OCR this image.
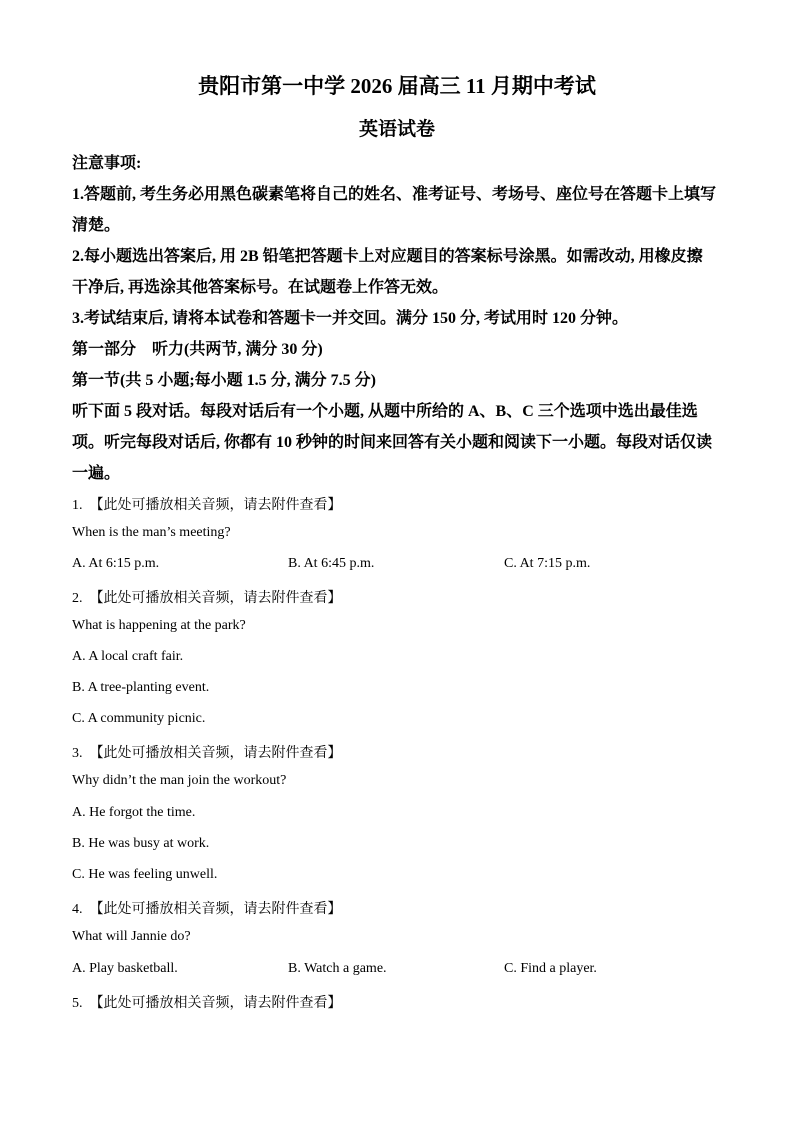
贵阳市第一中学 2026 届高三 11 月期中考试
英语试卷
注意事项:
1.答题前, 考生务必用黑色碳素笔将自己的姓名、准考证号、考场号、座位号在答题卡上填写
清楚。
2.每小题选出答案后, 用 2B 铅笔把答题卡上对应题目的答案标号涂黑。如需改动, 用橡皮擦
干净后, 再选涂其他答案标号。在试题卷上作答无效。
3.考试结束后, 请将本试卷和答题卡一并交回。满分 150 分, 考试用时 120 分钟。
第一部分    听力(共两节, 满分 30 分)
第一节(共 5 小题;每小题 1.5 分, 满分 7.5 分)
听下面 5 段对话。每段对话后有一个小题, 从题中所给的 A、B、C 三个选项中选出最佳选
项。听完每段对话后, 你都有 10 秒钟的时间来回答有关小题和阅读下一小题。每段对话仅读
一遍。
1.  【此处可播放相关音频，请去附件查看】
When is the man’s meeting?
A. At 6:15 p.m.	B. At 6:45 p.m.	C. At 7:15 p.m.
2.  【此处可播放相关音频，请去附件查看】
What is happening at the park?
A. A local craft fair.
B. A tree-planting event.
C. A community picnic.
3.  【此处可播放相关音频，请去附件查看】
Why didn’t the man join the workout?
A. He forgot the time.
B. He was busy at work.
C. He was feeling unwell.
4.  【此处可播放相关音频，请去附件查看】
What will Jannie do?
A. Play basketball.	B. Watch a game.	C. Find a player.
5.  【此处可播放相关音频，请去附件查看】
